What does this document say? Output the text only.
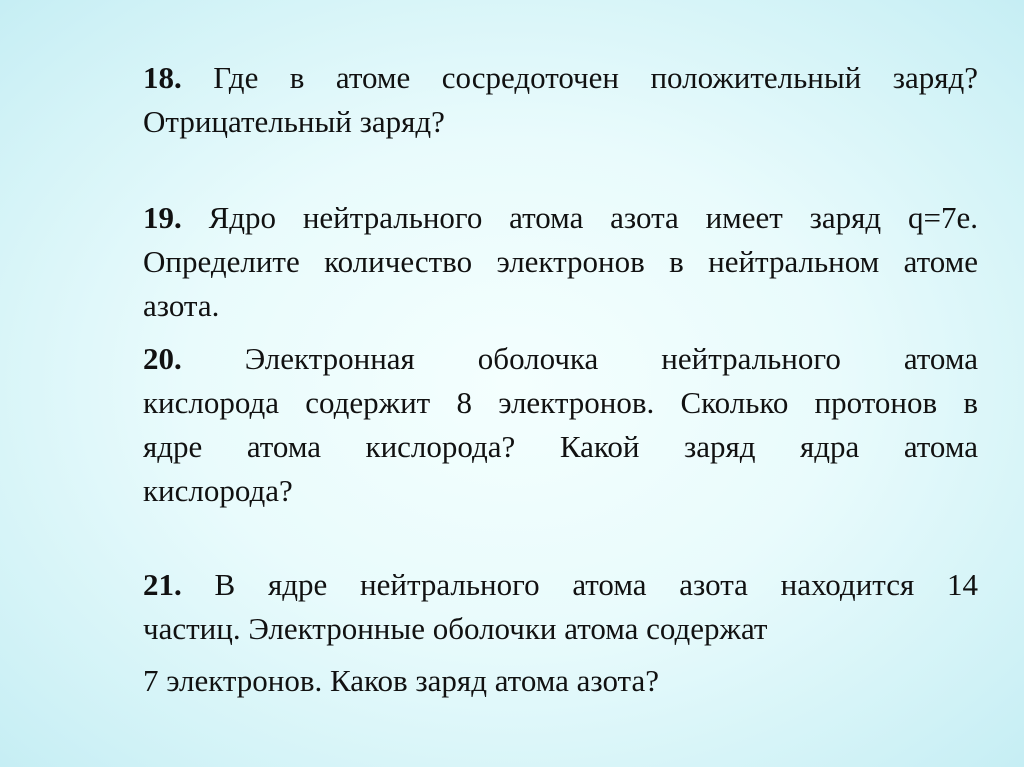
18. Где в атоме сосредоточен положительный заряд?
Отрицательный заряд?
19. Ядро нейтрального атома азота имеет заряд q=7e.
Определите количество электронов в нейтральном атоме
азота.
20. Электронная оболочка нейтрального атома
кислорода содержит 8 электронов. Сколько протонов в
ядре атома кислорода? Какой заряд ядра атома
кислорода?
21. В ядре нейтрального атома азота находится 14
частиц. Электронные оболочки атома содержат
7 электронов. Каков заряд атома азота?
